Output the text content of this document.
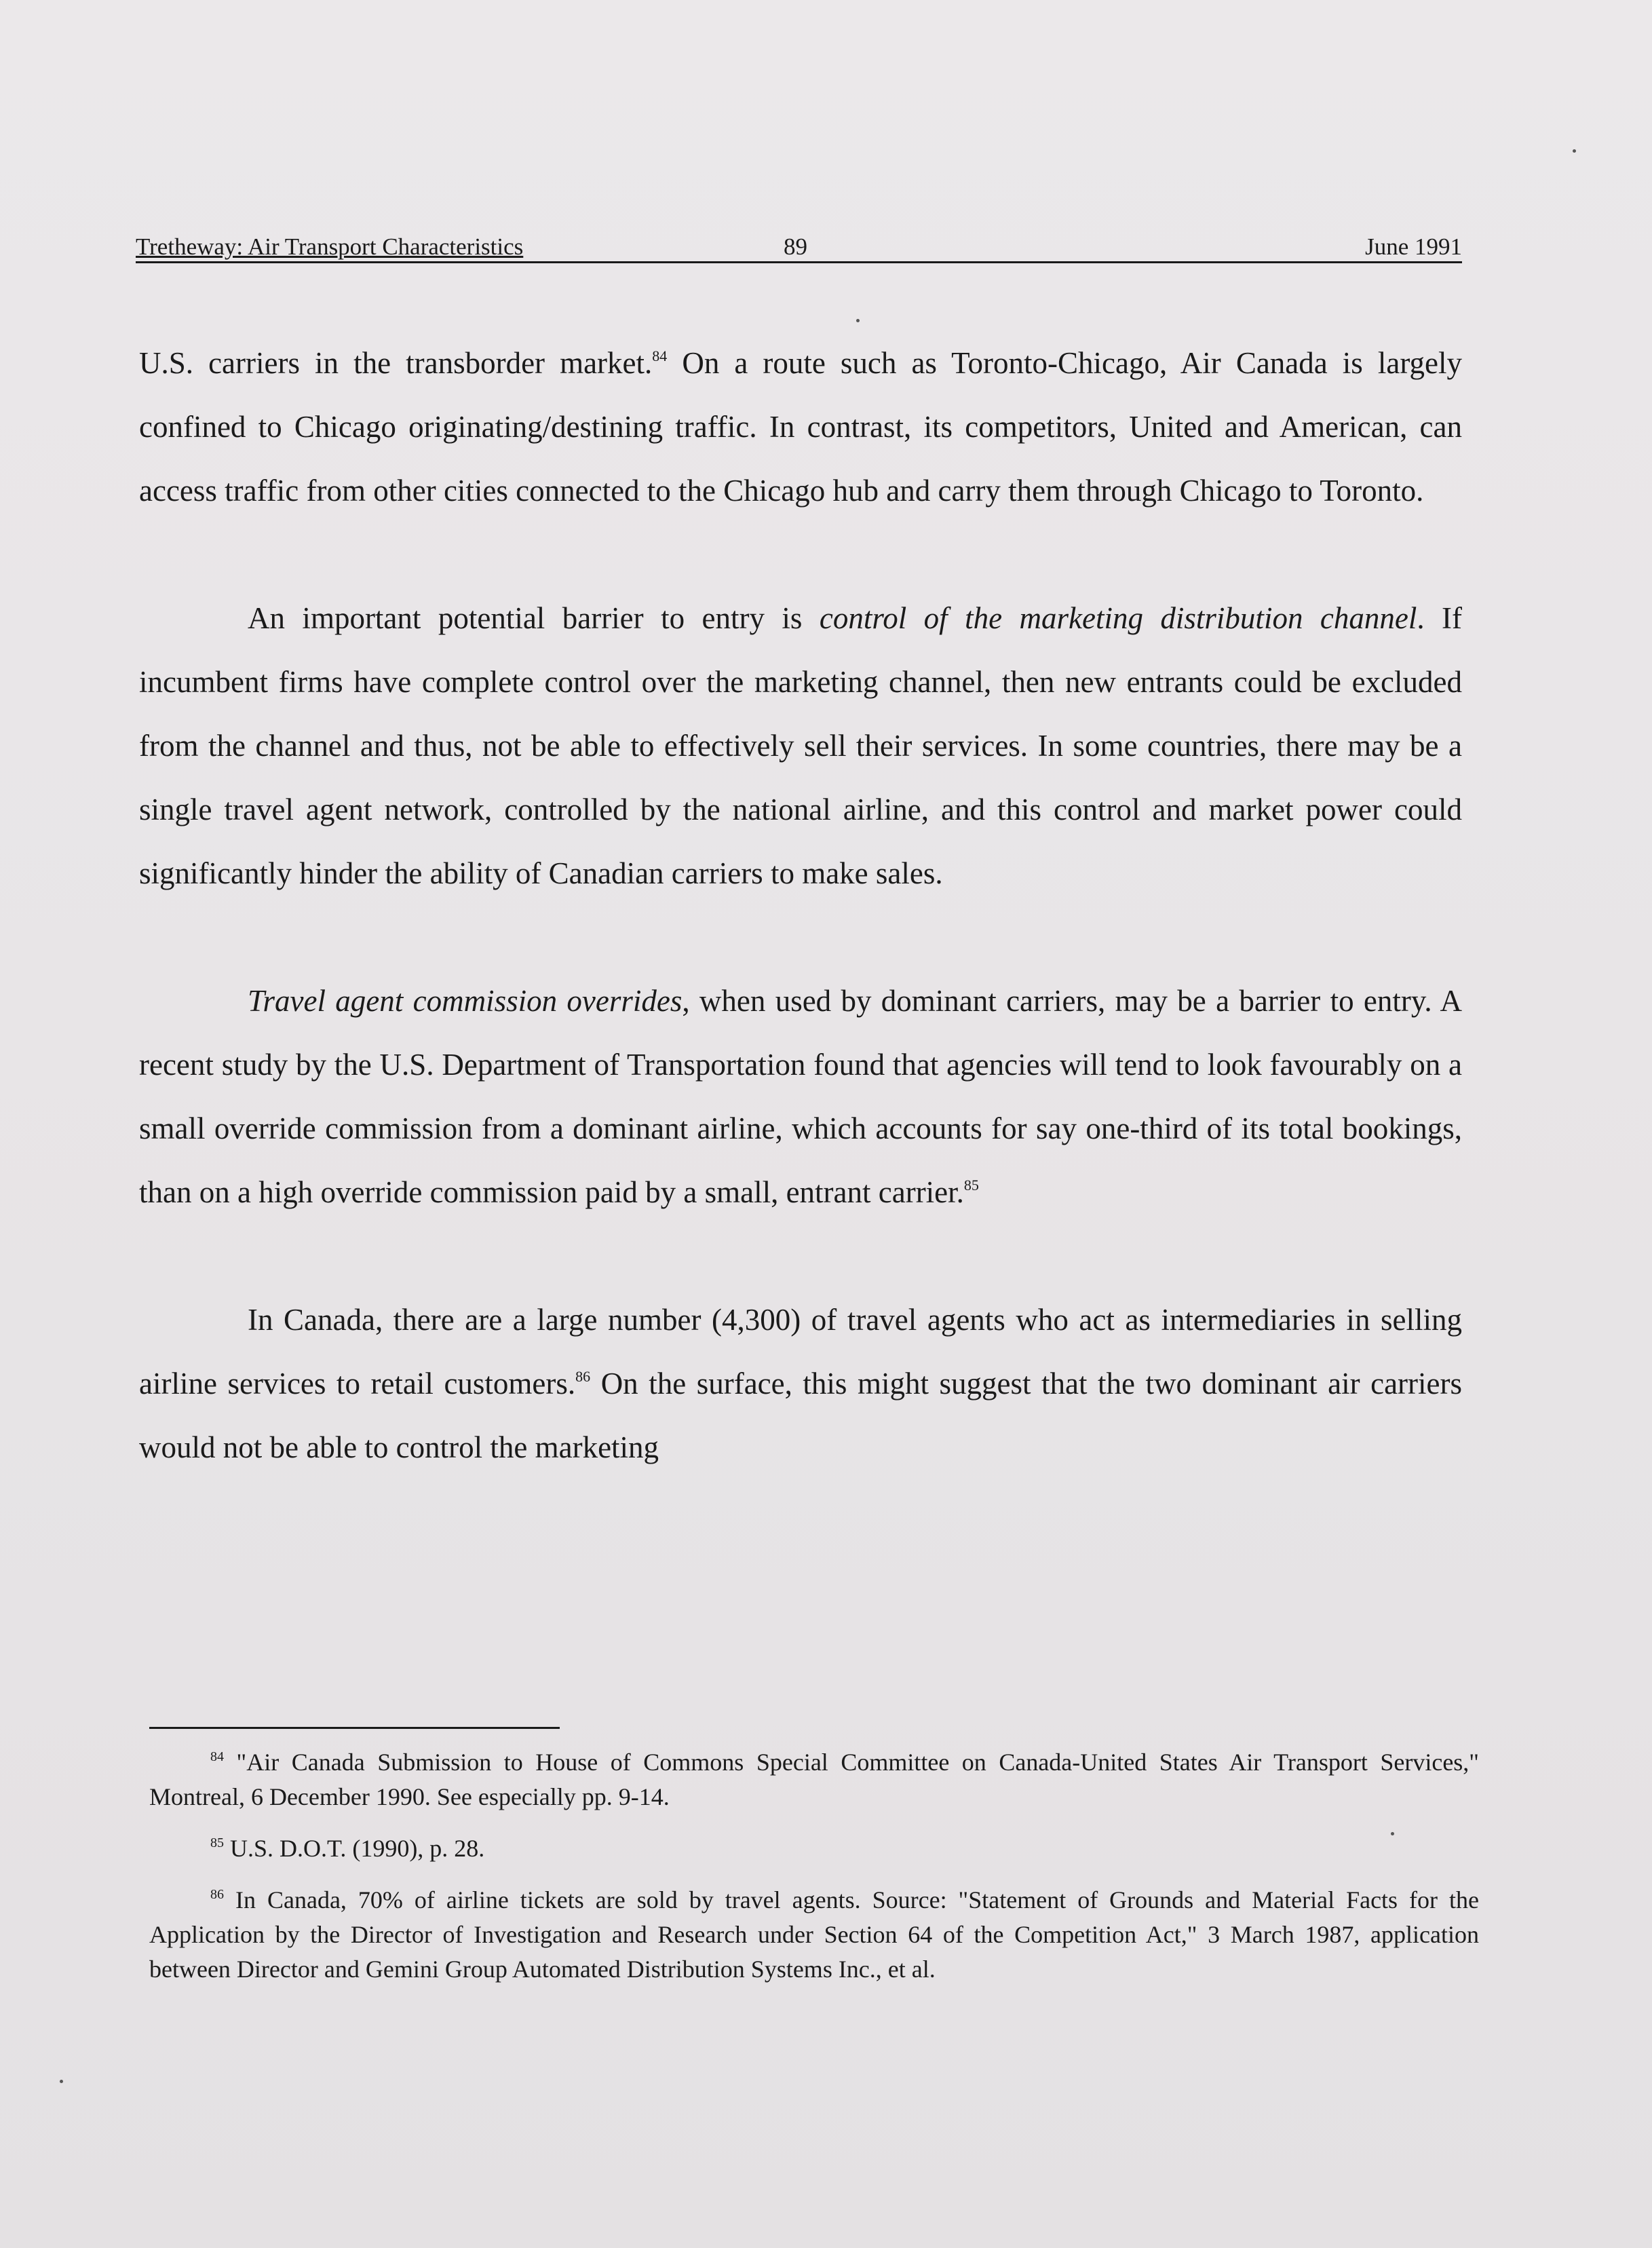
Tretheway: Air Transport Characteristics	89	June 1991

U.S. carriers in the transborder market.$^{84}$ On a route such as Toronto-Chicago, Air Canada is largely confined to Chicago originating/destining traffic. In contrast, its competitors, United and American, can access traffic from other cities connected to the Chicago hub and carry them through Chicago to Toronto.

An important potential barrier to entry is control of the marketing distribution channel. If incumbent firms have complete control over the marketing channel, then new entrants could be excluded from the channel and thus, not be able to effectively sell their services. In some countries, there may be a single travel agent network, controlled by the national airline, and this control and market power could significantly hinder the ability of Canadian carriers to make sales.

Travel agent commission overrides, when used by dominant carriers, may be a barrier to entry. A recent study by the U.S. Department of Transportation found that agencies will tend to look favourably on a small override commission from a dominant airline, which accounts for say one-third of its total bookings, than on a high override commission paid by a small, entrant carrier.$^{85}$

In Canada, there are a large number (4,300) of travel agents who act as intermediaries in selling airline services to retail customers.$^{86}$ On the surface, this might suggest that the two dominant air carriers would not be able to control the marketing

$^{84}$ "Air Canada Submission to House of Commons Special Committee on Canada-United States Air Transport Services," Montreal, 6 December 1990. See especially pp. 9-14.

$^{85}$ U.S. D.O.T. (1990), p. 28.

$^{86}$ In Canada, 70% of airline tickets are sold by travel agents. Source: "Statement of Grounds and Material Facts for the Application by the Director of Investigation and Research under Section 64 of the Competition Act," 3 March 1987, application between Director and Gemini Group Automated Distribution Systems Inc., et al.
